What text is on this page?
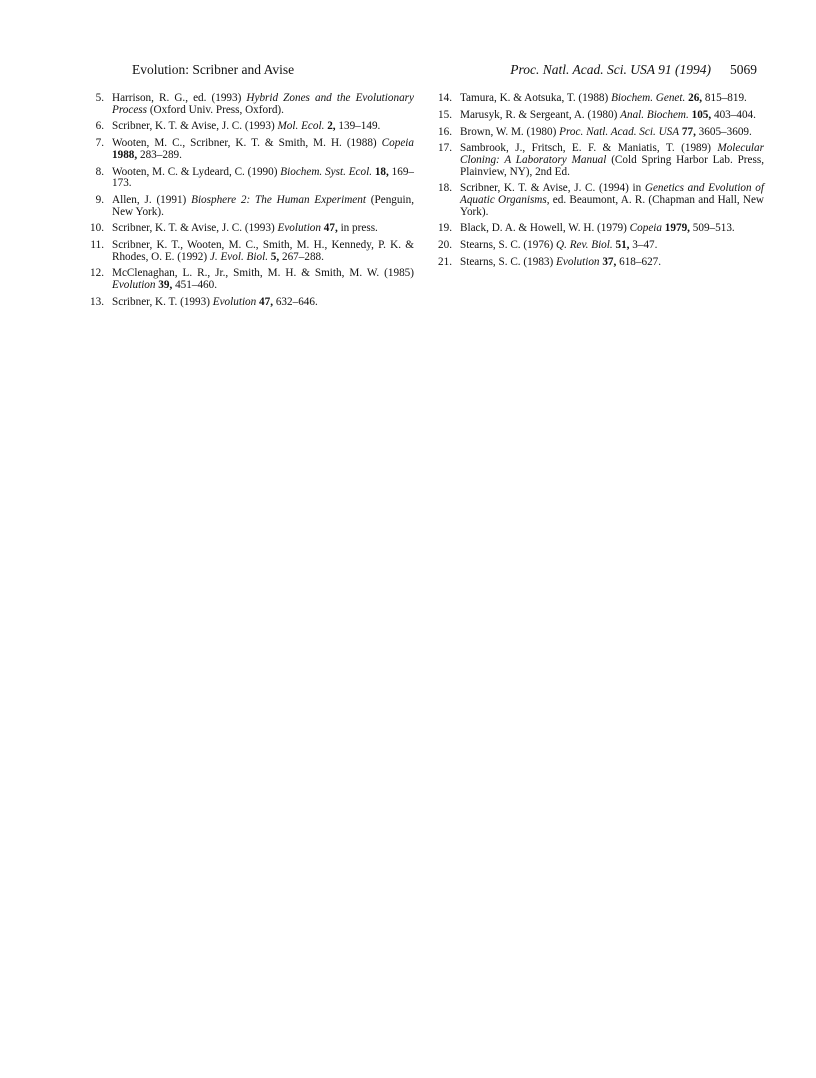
Evolution: Scribner and Avise	Proc. Natl. Acad. Sci. USA 91 (1994) 5069
5. Harrison, R. G., ed. (1993) Hybrid Zones and the Evolutionary Process (Oxford Univ. Press, Oxford).
6. Scribner, K. T. & Avise, J. C. (1993) Mol. Ecol. 2, 139–149.
7. Wooten, M. C., Scribner, K. T. & Smith, M. H. (1988) Copeia 1988, 283–289.
8. Wooten, M. C. & Lydeard, C. (1990) Biochem. Syst. Ecol. 18, 169–173.
9. Allen, J. (1991) Biosphere 2: The Human Experiment (Penguin, New York).
10. Scribner, K. T. & Avise, J. C. (1993) Evolution 47, in press.
11. Scribner, K. T., Wooten, M. C., Smith, M. H., Kennedy, P. K. & Rhodes, O. E. (1992) J. Evol. Biol. 5, 267–288.
12. McClenaghan, L. R., Jr., Smith, M. H. & Smith, M. W. (1985) Evolution 39, 451–460.
13. Scribner, K. T. (1993) Evolution 47, 632–646.
14. Tamura, K. & Aotsuka, T. (1988) Biochem. Genet. 26, 815–819.
15. Marusyk, R. & Sergeant, A. (1980) Anal. Biochem. 105, 403–404.
16. Brown, W. M. (1980) Proc. Natl. Acad. Sci. USA 77, 3605–3609.
17. Sambrook, J., Fritsch, E. F. & Maniatis, T. (1989) Molecular Cloning: A Laboratory Manual (Cold Spring Harbor Lab. Press, Plainview, NY), 2nd Ed.
18. Scribner, K. T. & Avise, J. C. (1994) in Genetics and Evolution of Aquatic Organisms, ed. Beaumont, A. R. (Chapman and Hall, New York).
19. Black, D. A. & Howell, W. H. (1979) Copeia 1979, 509–513.
20. Stearns, S. C. (1976) Q. Rev. Biol. 51, 3–47.
21. Stearns, S. C. (1983) Evolution 37, 618–627.
